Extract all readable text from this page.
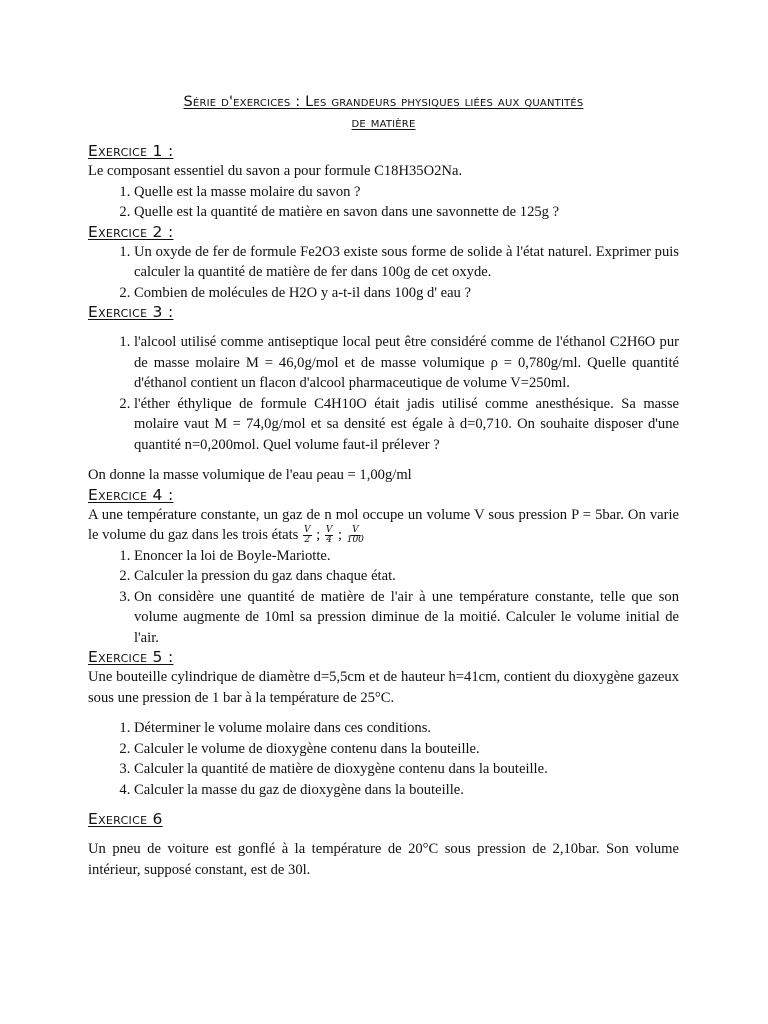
Série d'exercices : Les grandeurs physiques liées aux quantités
de matière
Exercice 1 :

Le composant essentiel du savon a pour formule C18H35O2Na.

1. Quelle est la masse molaire du savon ?
2. Quelle est la quantité de matière en savon dans une savonnette de 125g ?
Exercice 2 :
1. Un oxyde de fer de formule Fe2O3 existe sous forme de solide à l'état naturel. Exprimer puis calculer la quantité de matière de fer dans 100g de cet oxyde.
2. Combien de molécules de H2O y a-t-il dans 100g d' eau ?
Exercice 3 :
1. l'alcool utilisé comme antiseptique local peut être considéré comme de l'éthanol C2H6O pur de masse molaire M = 46,0g/mol et de masse volumique ρ = 0,780g/ml. Quelle quantité d'éthanol contient un flacon d'alcool pharmaceutique de volume V=250ml.
2. l'éther éthylique de formule C4H10O était jadis utilisé comme anesthésique. Sa masse molaire vaut M = 74,0g/mol et sa densité est égale à d=0,710. On souhaite disposer d'une quantité n=0,200mol. Quel volume faut-il prélever ?

On donne la masse volumique de l'eau ρeau = 1,00g/ml

Exercice 4 :

A une température constante, un gaz de n mol occupe un volume V sous pression P = 5bar. On varie le volume du gaz dans les trois états $\frac{V}{2}$ ; $\frac{V}{4}$ ; $\frac{V}{100}$

1. Enoncer la loi de Boyle-Mariotte.
2. Calculer la pression du gaz dans chaque état.
3. On considère une quantité de matière de l'air à une température constante, telle que son volume augmente de 10ml sa pression diminue de la moitié. Calculer le volume initial de l'air.
Exercice 5 :

Une bouteille cylindrique de diamètre d=5,5cm et de hauteur h=41cm, contient du dioxygène gazeux sous une pression de 1 bar à la température de 25°C.

1. Déterminer le volume molaire dans ces conditions.
2. Calculer le volume de dioxygène contenu dans la bouteille.
3. Calculer la quantité de matière de dioxygène contenu dans la bouteille.
4. Calculer la masse du gaz de dioxygène dans la bouteille.
Exercice 6

Un pneu de voiture est gonflé à la température de 20°C sous pression de 2,10bar. Son volume intérieur, supposé constant, est de 30l.
